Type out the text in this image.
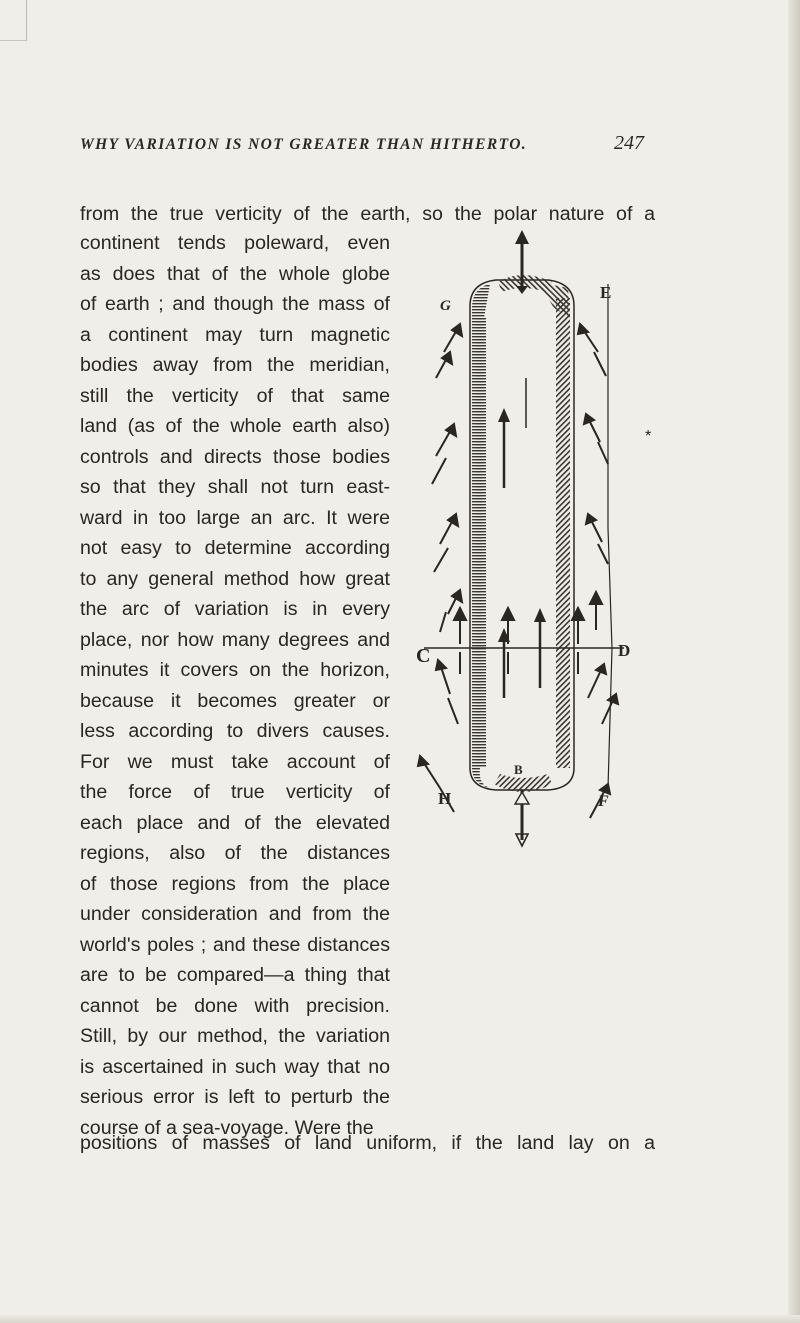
WHY VARIATION IS NOT GREATER THAN HITHERTO.	247
from the true verticity of the earth, so the polar nature of a
continent tends poleward, even
as does that of the whole globe
of earth ; and though the mass of
a continent may turn magnetic
bodies away from the meridian,
still the verticity of that same
land (as of the whole earth also)
controls and directs those bodies
so that they shall not turn east-
ward in too large an arc. It were
not easy to determine according
to any general method how great
the arc of variation is in every
place, nor how many degrees and
minutes it covers on the horizon,
because it becomes greater or
less according to divers causes.
For we must take account of
the force of true verticity of
each place and of the elevated
regions, also of the distances
of those regions from the place
under consideration and from the
world's poles ; and these distances
are to be compared—a thing that
cannot be done with precision.
Still, by our method, the variation
is ascertained in such way that no
serious error is left to perturb the
course of a sea-voyage. Were the
positions of masses of land uniform, if the land lay on a
G
E
C	D
H
B
F
*
